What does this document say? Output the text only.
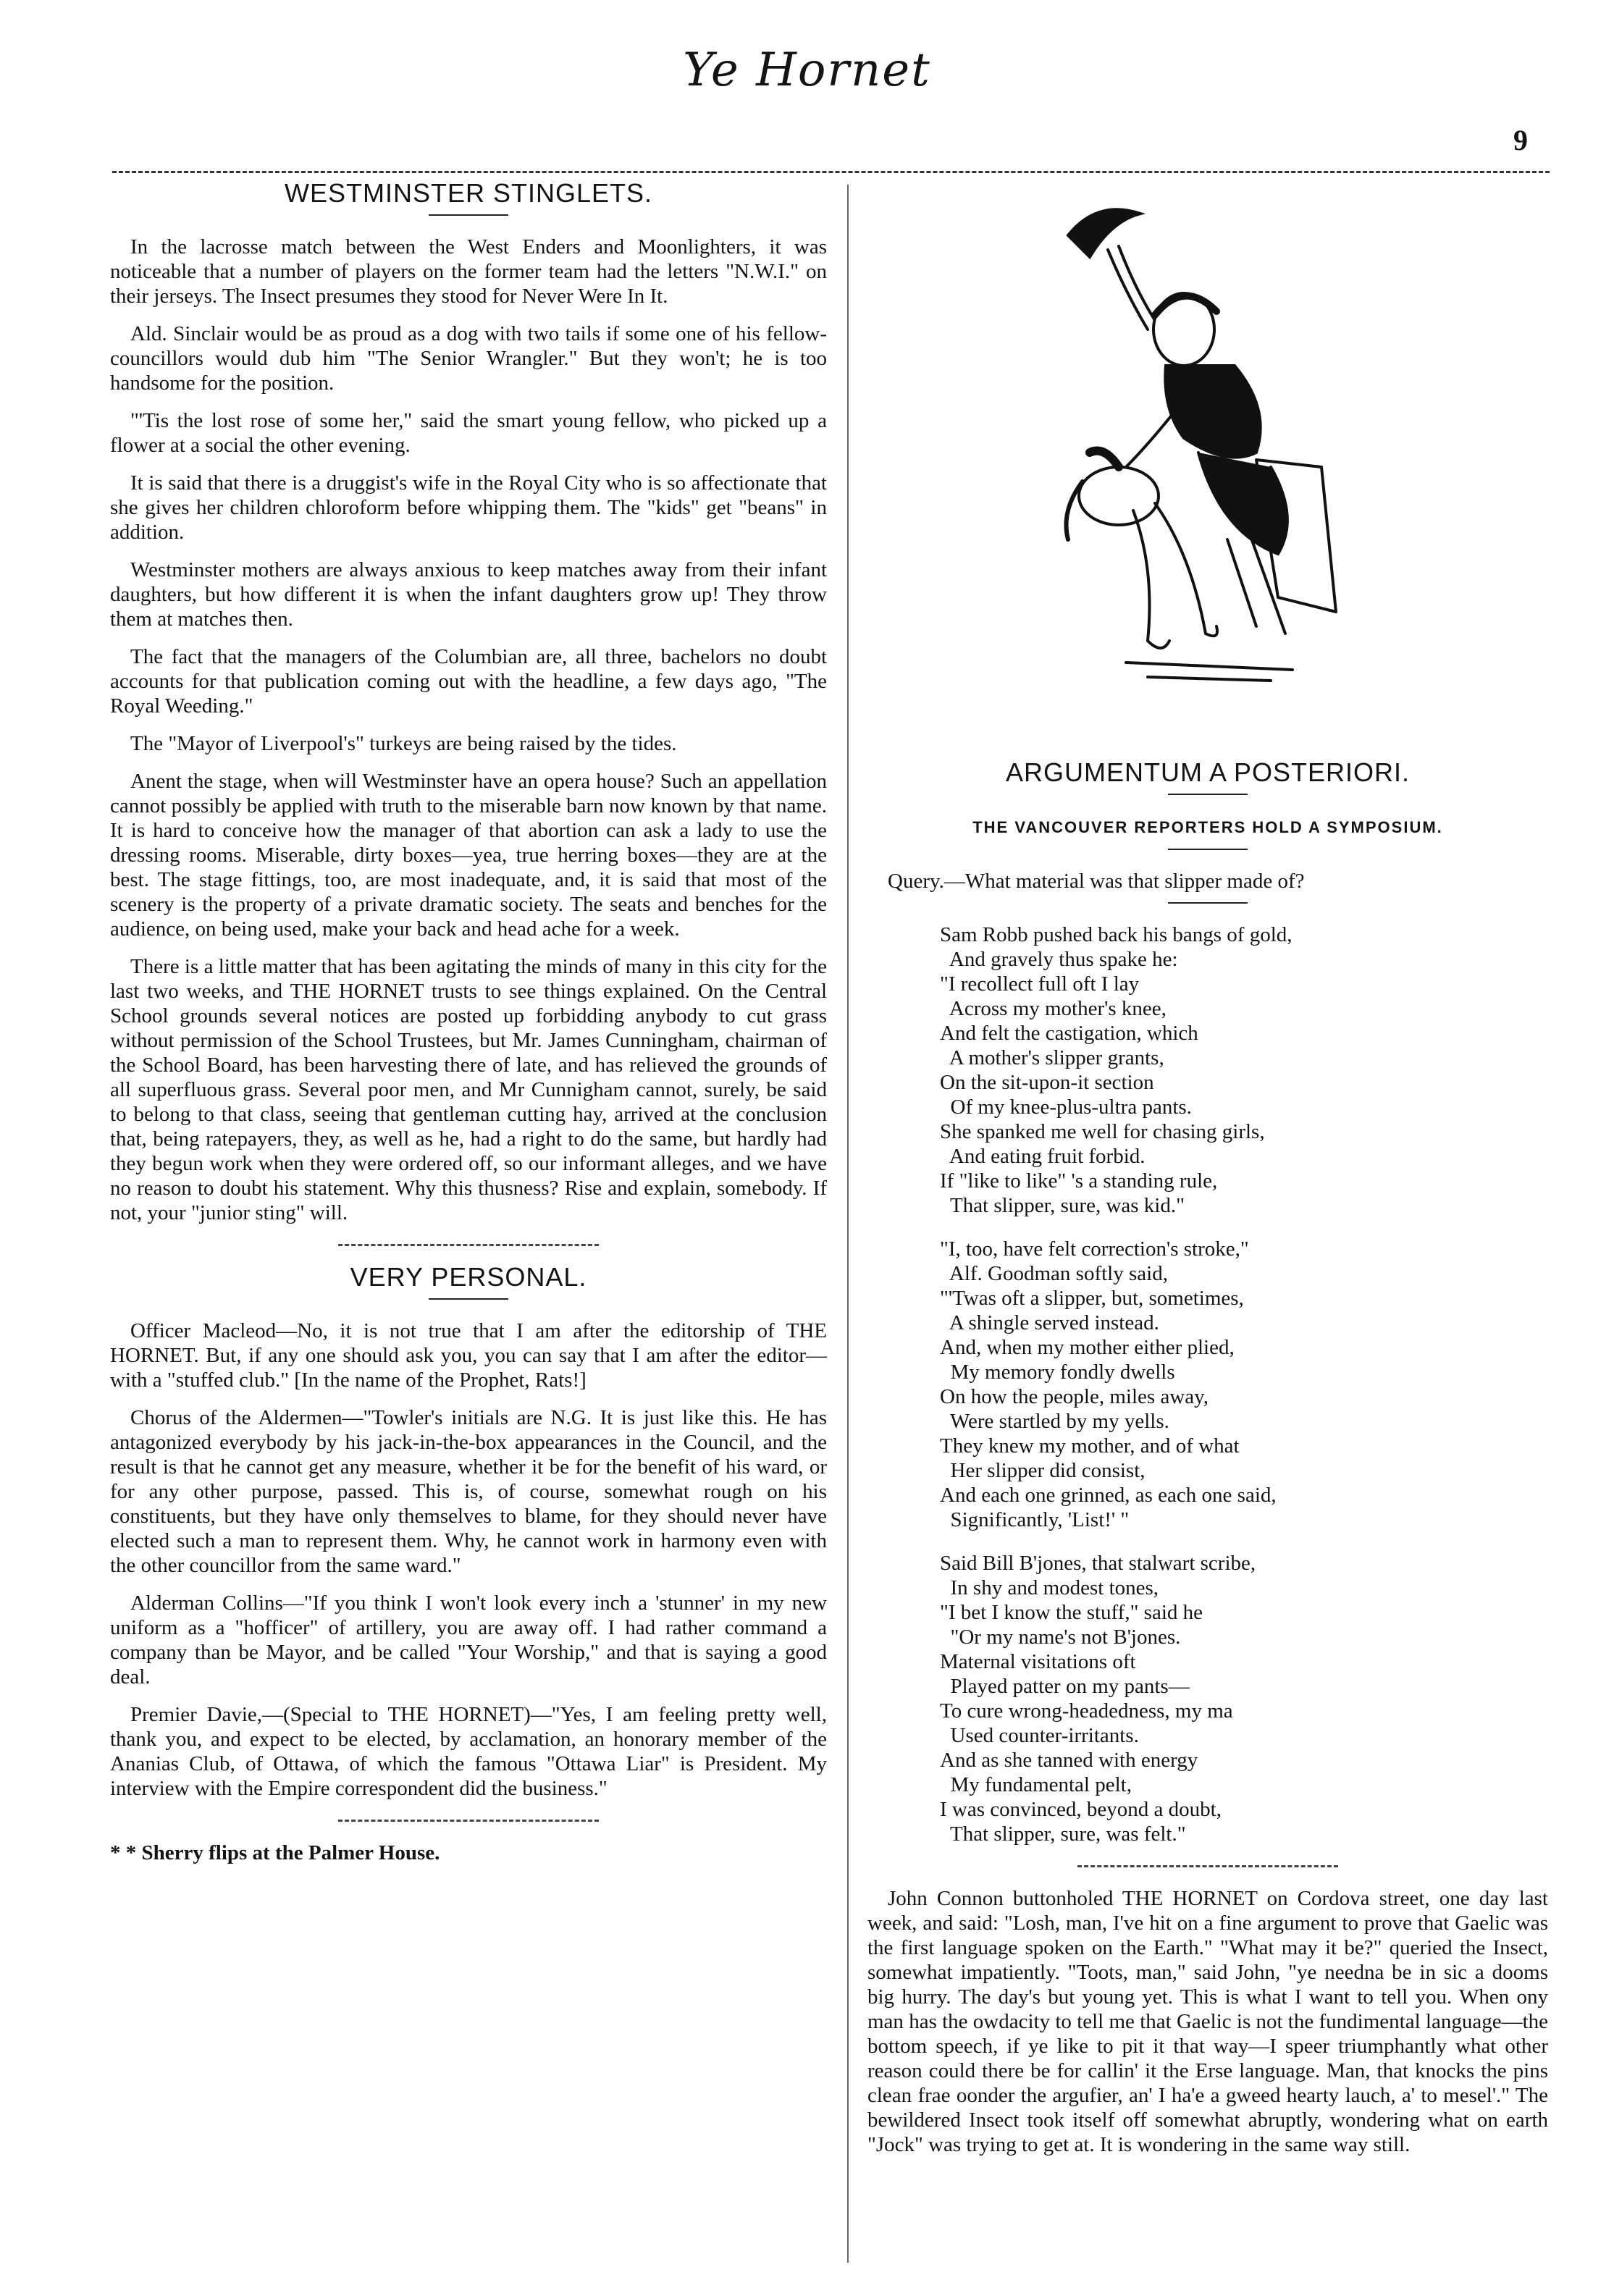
Ye Hornet
9
WESTMINSTER STINGLETS.

In the lacrosse match between the West Enders and Moonlighters, it was noticeable that a number of players on the former team had the letters "N.W.I." on their jerseys. The Insect presumes they stood for Never Were In It.

Ald. Sinclair would be as proud as a dog with two tails if some one of his fellow-councillors would dub him "The Senior Wrangler." But they won't; he is too handsome for the position.

"'Tis the lost rose of some her," said the smart young fellow, who picked up a flower at a social the other evening.

It is said that there is a druggist's wife in the Royal City who is so affectionate that she gives her children chloroform before whipping them. The "kids" get "beans" in addition.

Westminster mothers are always anxious to keep matches away from their infant daughters, but how different it is when the infant daughters grow up! They throw them at matches then.

The fact that the managers of the Columbian are, all three, bachelors no doubt accounts for that publication coming out with the headline, a few days ago, "The Royal Weeding."

The "Mayor of Liverpool's" turkeys are being raised by the tides.

Anent the stage, when will Westminster have an opera house? Such an appellation cannot possibly be applied with truth to the miserable barn now known by that name. It is hard to conceive how the manager of that abortion can ask a lady to use the dressing rooms. Miserable, dirty boxes—yea, true herring boxes—they are at the best. The stage fittings, too, are most inadequate, and, it is said that most of the scenery is the property of a private dramatic society. The seats and benches for the audience, on being used, make your back and head ache for a week.

There is a little matter that has been agitating the minds of many in this city for the last two weeks, and THE HORNET trusts to see things explained. On the Central School grounds several notices are posted up forbidding anybody to cut grass without permission of the School Trustees, but Mr. James Cunningham, chairman of the School Board, has been harvesting there of late, and has relieved the grounds of all superfluous grass. Several poor men, and Mr Cunnigham cannot, surely, be said to belong to that class, seeing that gentleman cutting hay, arrived at the conclusion that, being ratepayers, they, as well as he, had a right to do the same, but hardly had they begun work when they were ordered off, so our informant alleges, and we have no reason to doubt his statement. Why this thusness? Rise and explain, somebody. If not, your "junior sting" will.

VERY PERSONAL.

Officer Macleod—No, it is not true that I am after the editorship of THE HORNET. But, if any one should ask you, you can say that I am after the editor—with a "stuffed club." [In the name of the Prophet, Rats!]

Chorus of the Aldermen—"Towler's initials are N.G. It is just like this. He has antagonized everybody by his jack-in-the-box appearances in the Council, and the result is that he cannot get any measure, whether it be for the benefit of his ward, or for any other purpose, passed. This is, of course, somewhat rough on his constituents, but they have only themselves to blame, for they should never have elected such a man to represent them. Why, he cannot work in harmony even with the other councillor from the same ward."

Alderman Collins—"If you think I won't look every inch a 'stunner' in my new uniform as a "hofficer" of artillery, you are away off. I had rather command a company than be Mayor, and be called "Your Worship," and that is saying a good deal.

Premier Davie,—(Special to THE HORNET)—"Yes, I am feeling pretty well, thank you, and expect to be elected, by acclamation, an honorary member of the Ananias Club, of Ottawa, of which the famous "Ottawa Liar" is President. My interview with the Empire correspondent did the business."

* * Sherry flips at the Palmer House.
ARGUMENTUM A POSTERIORI.
THE VANCOUVER REPORTERS HOLD A SYMPOSIUM.

Query.—What material was that slipper made of?

Sam Robb pushed back his bangs of gold,
And gravely thus spake he:
"I recollect full oft I lay
Across my mother's knee,
And felt the castigation, which
A mother's slipper grants,
On the sit-upon-it section
Of my knee-plus-ultra pants.
She spanked me well for chasing girls,
And eating fruit forbid.
If "like to like" 's a standing rule,
That slipper, sure, was kid."
"I, too, have felt correction's stroke,"
Alf. Goodman softly said,
"'Twas oft a slipper, but, sometimes,
A shingle served instead.
And, when my mother either plied,
My memory fondly dwells
On how the people, miles away,
Were startled by my yells.
They knew my mother, and of what
Her slipper did consist,
And each one grinned, as each one said,
Significantly, 'List!' "
Said Bill B'jones, that stalwart scribe,
In shy and modest tones,
"I bet I know the stuff," said he
"Or my name's not B'jones.
Maternal visitations oft
Played patter on my pants—
To cure wrong-headedness, my ma
Used counter-irritants.
And as she tanned with energy
My fundamental pelt,
I was convinced, beyond a doubt,
That slipper, sure, was felt."

John Connon buttonholed THE HORNET on Cordova street, one day last week, and said: "Losh, man, I've hit on a fine argument to prove that Gaelic was the first language spoken on the Earth." "What may it be?" queried the Insect, somewhat impatiently. "Toots, man," said John, "ye needna be in sic a dooms big hurry. The day's but young yet. This is what I want to tell you. When ony man has the owdacity to tell me that Gaelic is not the fundimental language—the bottom speech, if ye like to pit it that way—I speer triumphantly what other reason could there be for callin' it the Erse language. Man, that knocks the pins clean frae oonder the argufier, an' I ha'e a gweed hearty lauch, a' to mesel'." The bewildered Insect took itself off somewhat abruptly, wondering what on earth "Jock" was trying to get at. It is wondering in the same way still.
